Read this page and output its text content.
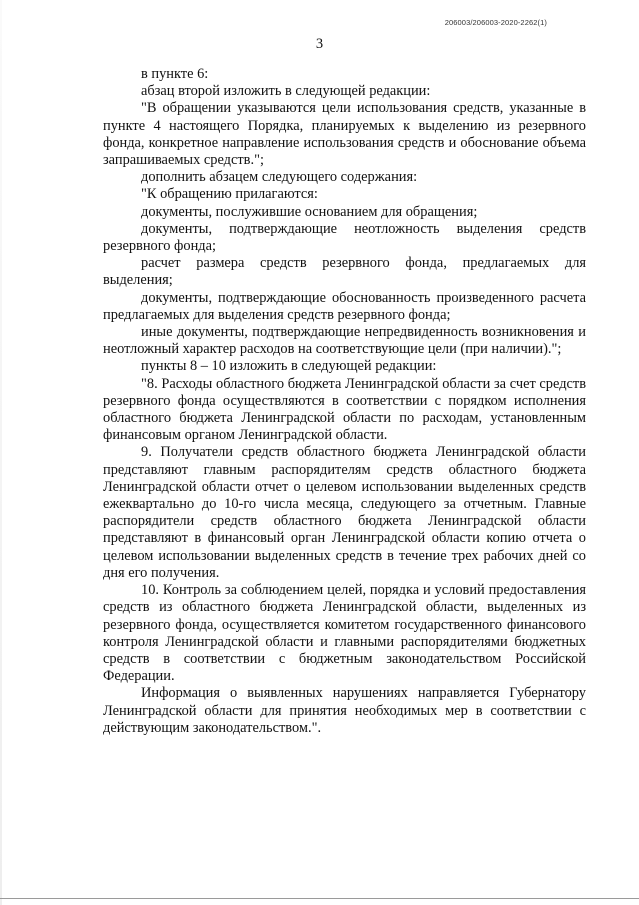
206003/206003-2020-2262(1)
3

в пункте 6:

абзац второй изложить в следующей редакции:

"В обращении указываются цели использования средств, указанные в пункте 4 настоящего Порядка, планируемых к выделению из резервного фонда, конкретное направление использования средств и обоснование объема запрашиваемых средств.";

дополнить абзацем следующего содержания:

"К обращению прилагаются:

документы, послужившие основанием для обращения;

документы, подтверждающие неотложность выделения средств резервного фонда;

расчет размера средств резервного фонда, предлагаемых для выделения;

документы, подтверждающие обоснованность произведенного расчета предлагаемых для выделения средств резервного фонда;

иные документы, подтверждающие непредвиденность возникновения и неотложный характер расходов на соответствующие цели (при наличии).";

пункты 8 – 10 изложить в следующей редакции:

"8. Расходы областного бюджета Ленинградской области за счет средств резервного фонда осуществляются в соответствии с порядком исполнения областного бюджета Ленинградской области по расходам, установленным финансовым органом Ленинградской области.

9. Получатели средств областного бюджета Ленинградской области представляют главным распорядителям средств областного бюджета Ленинградской области отчет о целевом использовании выделенных средств ежеквартально до 10-го числа месяца, следующего за отчетным. Главные распорядители средств областного бюджета Ленинградской области представляют в финансовый орган Ленинградской области копию отчета о целевом использовании выделенных средств в течение трех рабочих дней со дня его получения.

10. Контроль за соблюдением целей, порядка и условий предоставления средств из областного бюджета Ленинградской области, выделенных из резервного фонда, осуществляется комитетом государственного финансового контроля Ленинградской области и главными распорядителями бюджетных средств в соответствии с бюджетным законодательством Российской Федерации.

Информация о выявленных нарушениях направляется Губернатору Ленинградской области для принятия необходимых мер в соответствии с действующим законодательством.".
